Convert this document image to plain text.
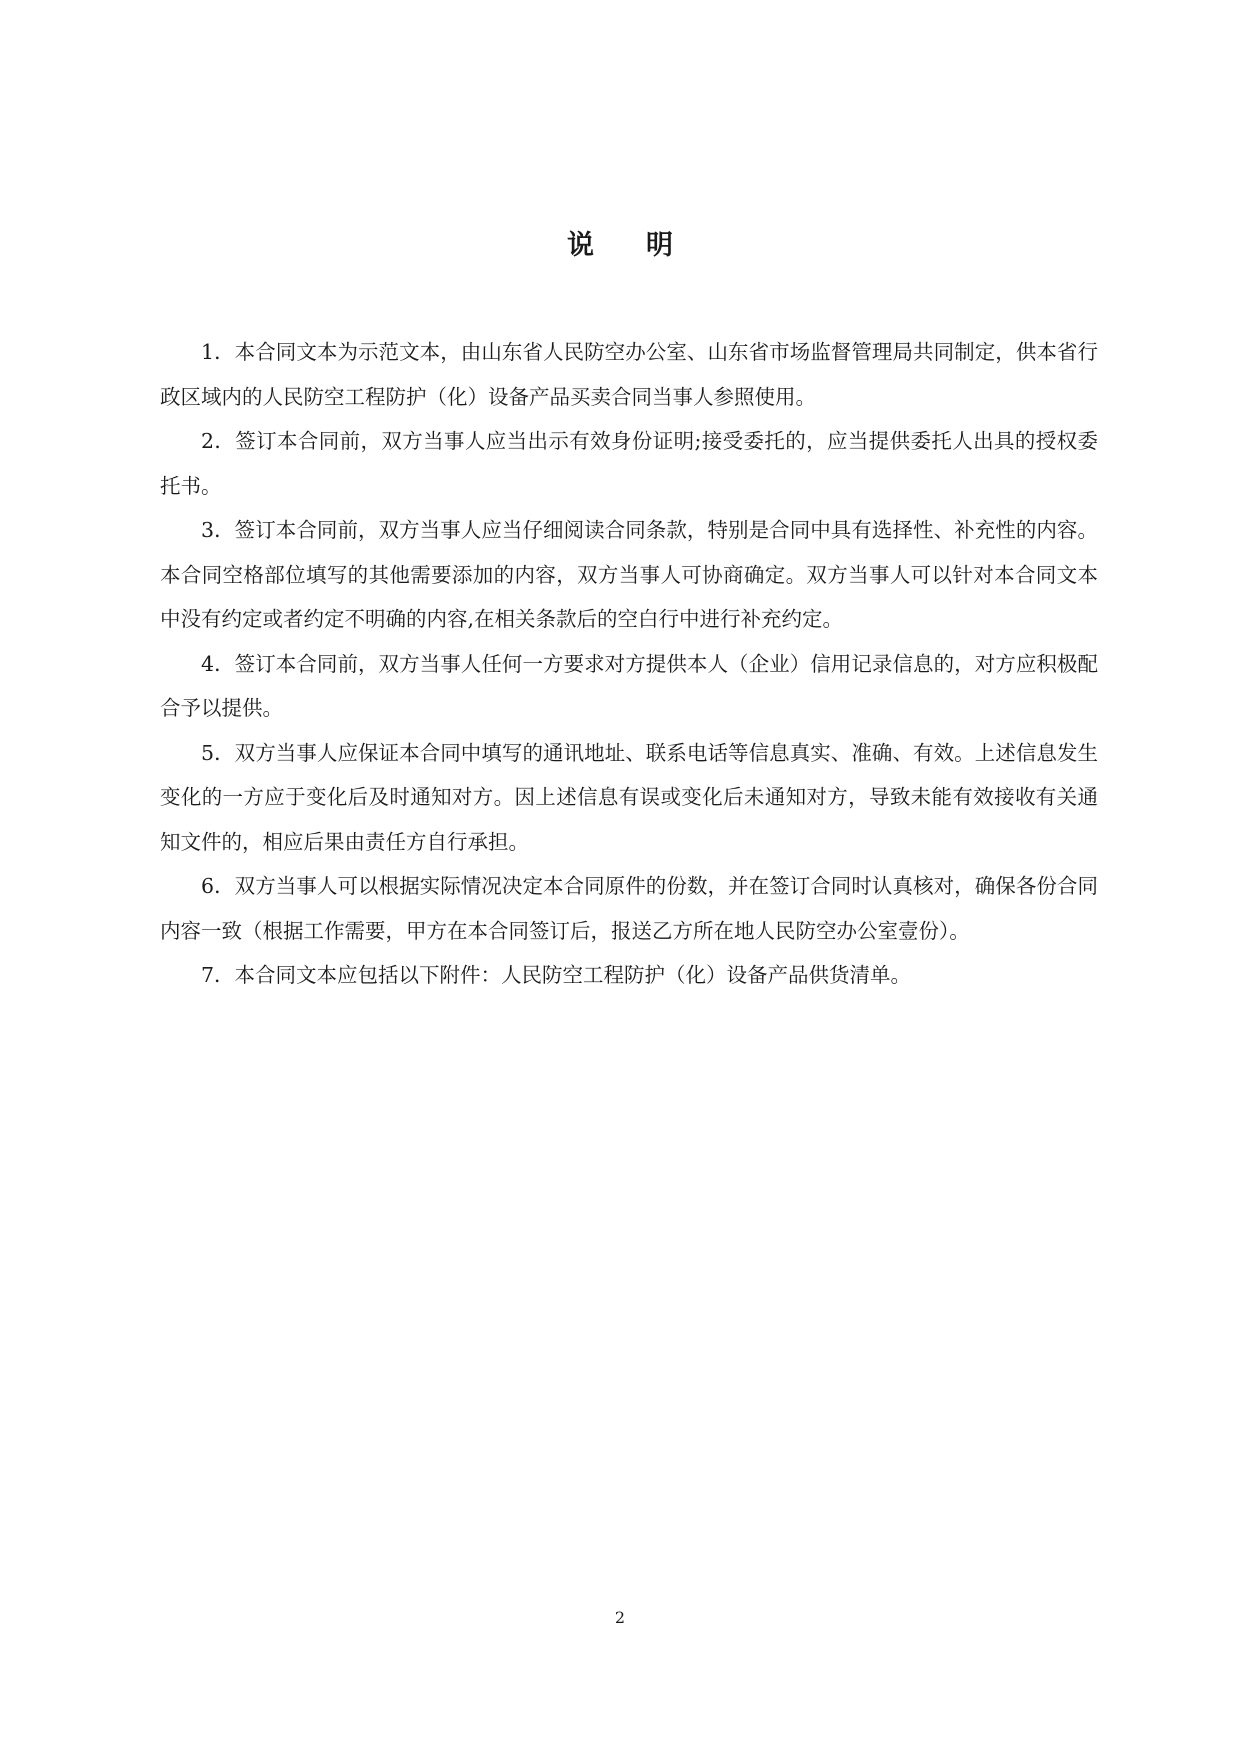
说 明

1．本合同文本为示范文本，由山东省人民防空办公室、山东省市场监督管理局共同制定，供本省行政区域内的人民防空工程防护（化）设备产品买卖合同当事人参照使用。

2．签订本合同前，双方当事人应当出示有效身份证明;接受委托的，应当提供委托人出具的授权委托书。

3．签订本合同前，双方当事人应当仔细阅读合同条款，特别是合同中具有选择性、补充性的内容。本合同空格部位填写的其他需要添加的内容，双方当事人可协商确定。双方当事人可以针对本合同文本中没有约定或者约定不明确的内容,在相关条款后的空白行中进行补充约定。

4．签订本合同前，双方当事人任何一方要求对方提供本人（企业）信用记录信息的，对方应积极配合予以提供。

5．双方当事人应保证本合同中填写的通讯地址、联系电话等信息真实、准确、有效。上述信息发生变化的一方应于变化后及时通知对方。因上述信息有误或变化后未通知对方，导致未能有效接收有关通知文件的，相应后果由责任方自行承担。

6．双方当事人可以根据实际情况决定本合同原件的份数，并在签订合同时认真核对，确保各份合同内容一致（根据工作需要，甲方在本合同签订后，报送乙方所在地人民防空办公室壹份）。

7．本合同文本应包括以下附件：人民防空工程防护（化）设备产品供货清单。

2
